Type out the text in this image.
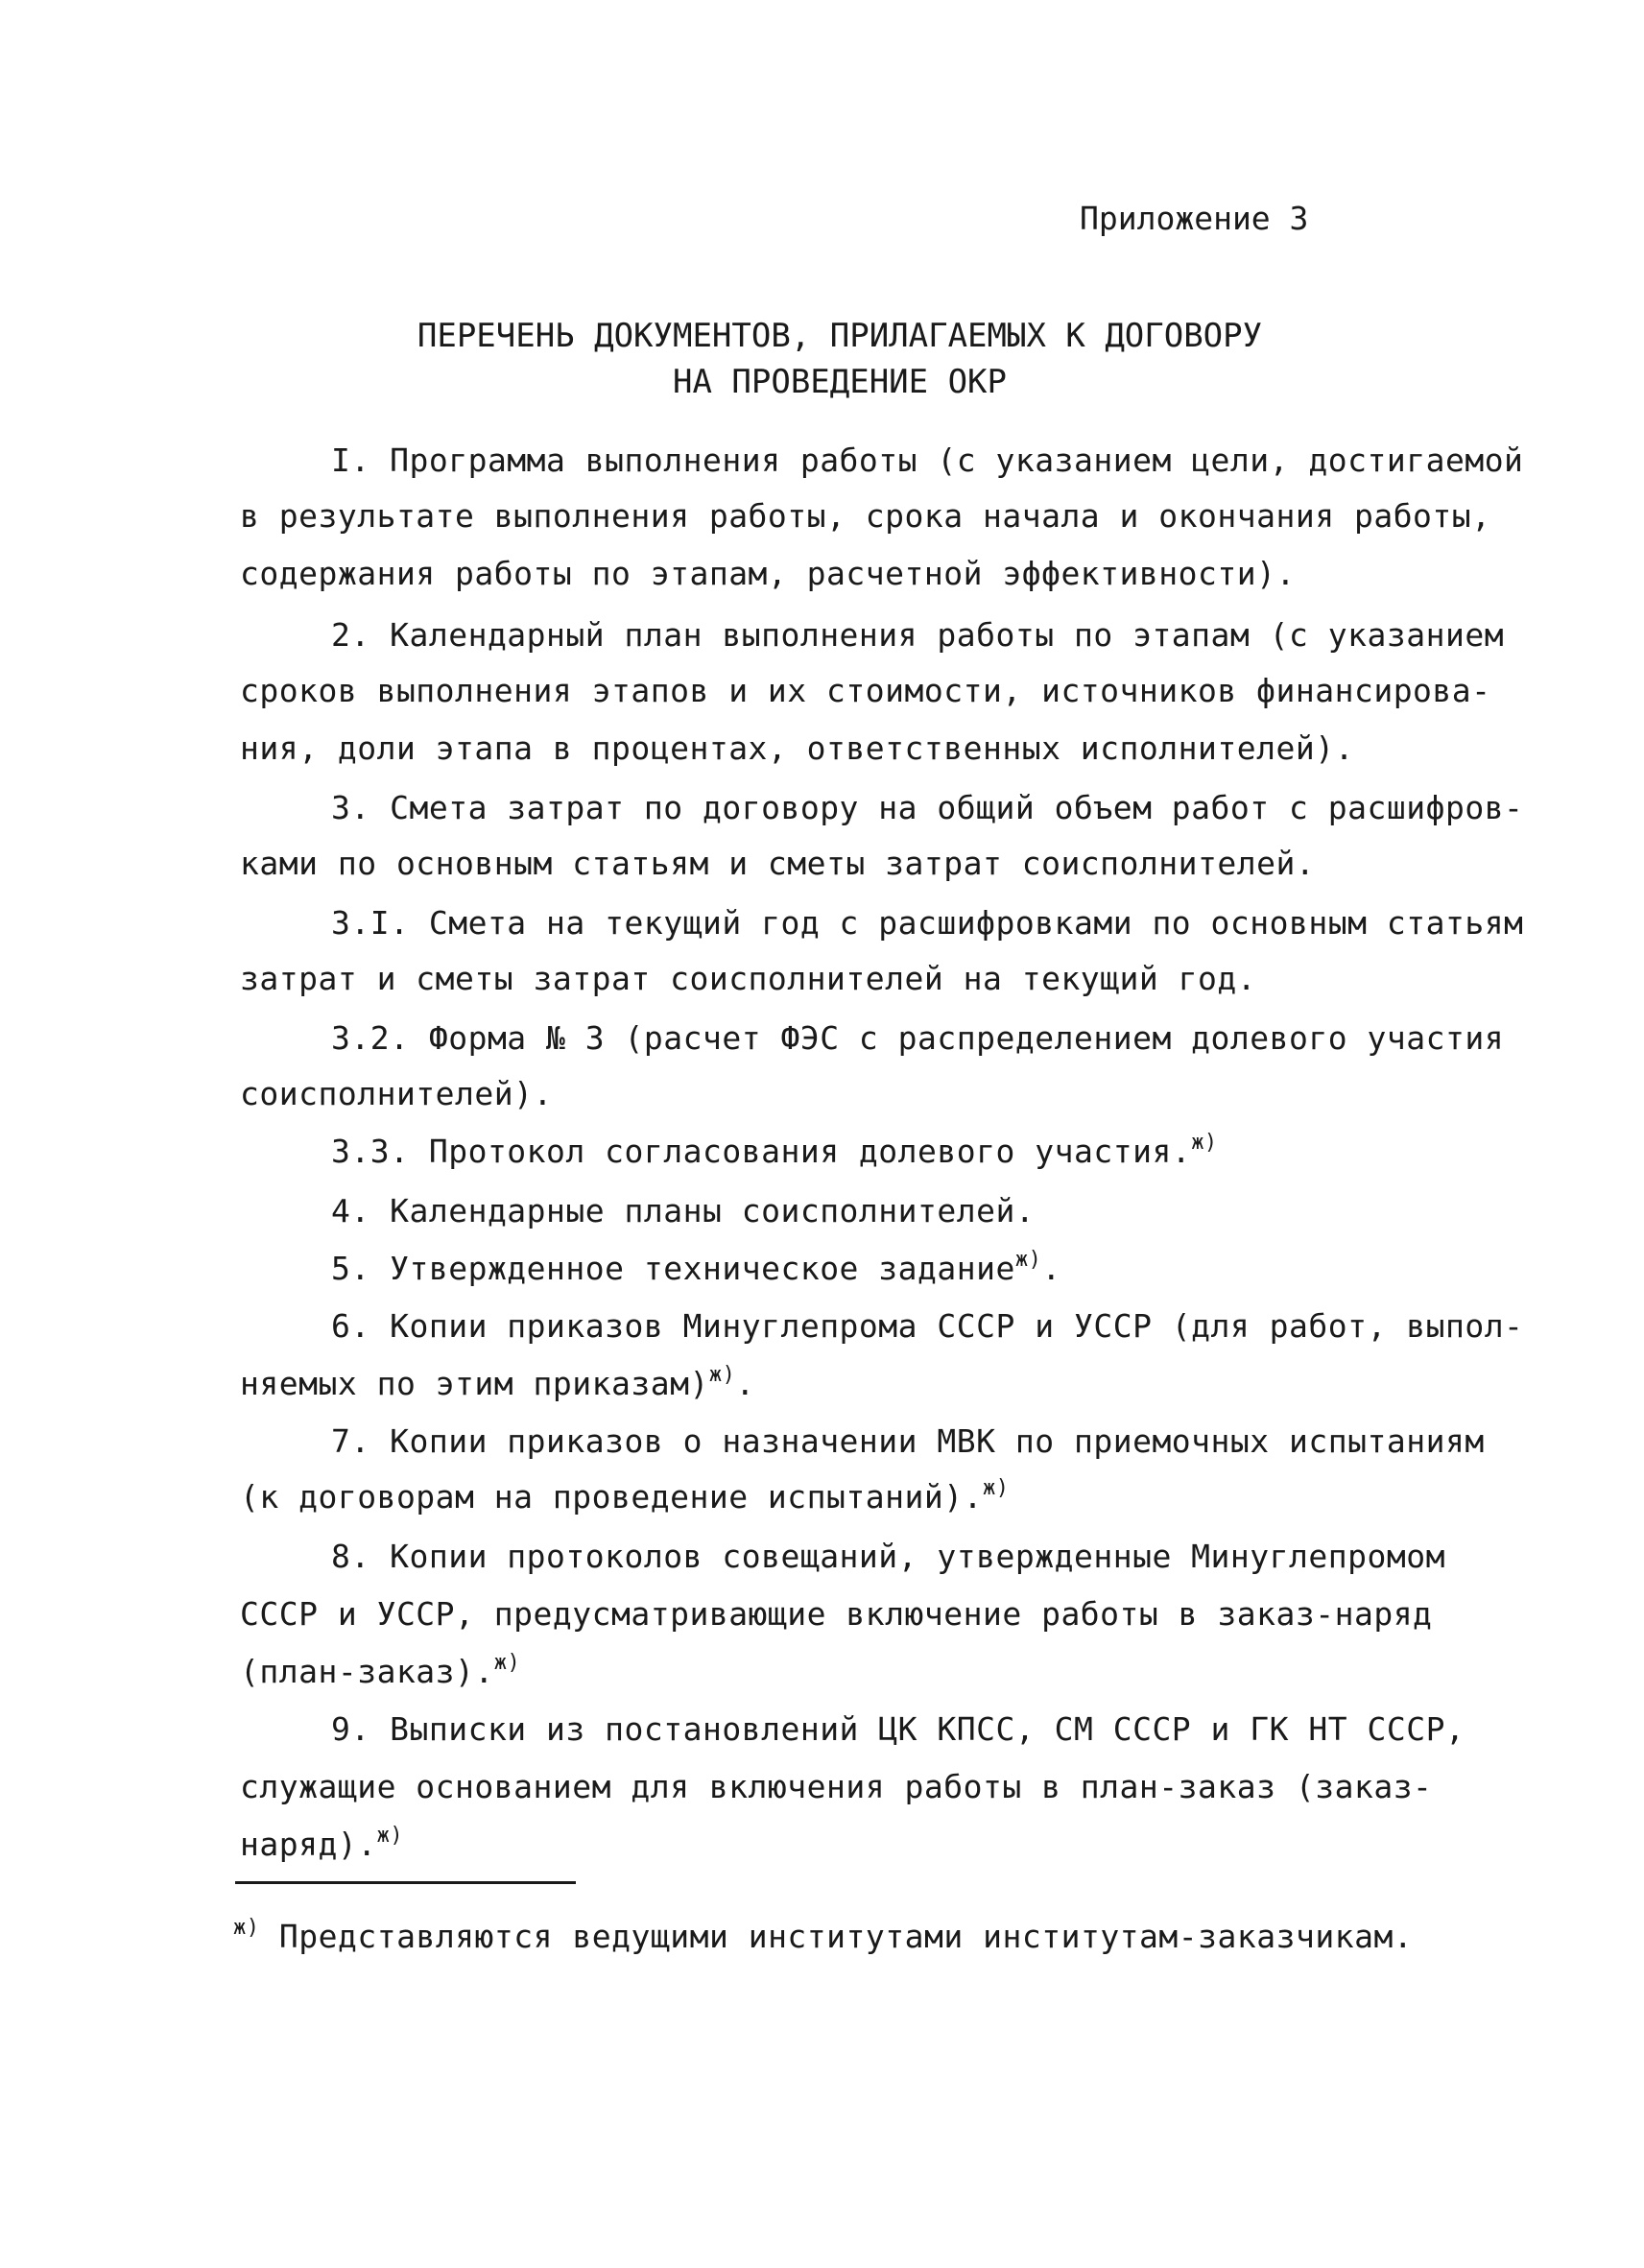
Приложение 3
ПЕРЕЧЕНЬ ДОКУМЕНТОВ, ПРИЛАГАЕМЫХ К ДОГОВОРУ
НА ПРОВЕДЕНИЕ ОКР
I. Программа выполнения работы (с указанием цели, достигаемой
в результате выполнения работы, срока начала и окончания работы,
содержания работы по этапам, расчетной эффективности).
2. Календарный план выполнения работы по этапам (с указанием
сроков выполнения этапов и их стоимости, источников финансирова-
ния, доли этапа в процентах, ответственных исполнителей).
3. Смета затрат по договору на общий объем работ с расшифров-
ками по основным статьям и сметы затрат соисполнителей.
3.I. Смета на текущий год с расшифровками по основным статьям
затрат и сметы затрат соисполнителей на текущий год.
3.2. Форма № 3 (расчет ФЭС с распределением долевого участия
соисполнителей).
3.3. Протокол согласования долевого участия.$^{ж)}$
4. Календарные планы соисполнителей.
5. Утвержденное техническое задание$^{ж)}$.
6. Копии приказов Минуглепрома СССР и УССР (для работ, выпол-
няемых по этим приказам)$^{ж)}$.
7. Копии приказов о назначении МВК по приемочных испытаниям
(к договорам на проведение испытаний).$^{ж)}$
8. Копии протоколов совещаний, утвержденные Минуглепромом
СССР и УССР, предусматривающие включение работы в заказ-наряд
(план-заказ).$^{ж)}$
9. Выписки из постановлений ЦК КПСС, СМ СССР и ГК НТ СССР,
служащие основанием для включения работы в план-заказ (заказ-
наряд).$^{ж)}$
$^{ж)}$ Представляются ведущими институтами институтам-заказчикам.
